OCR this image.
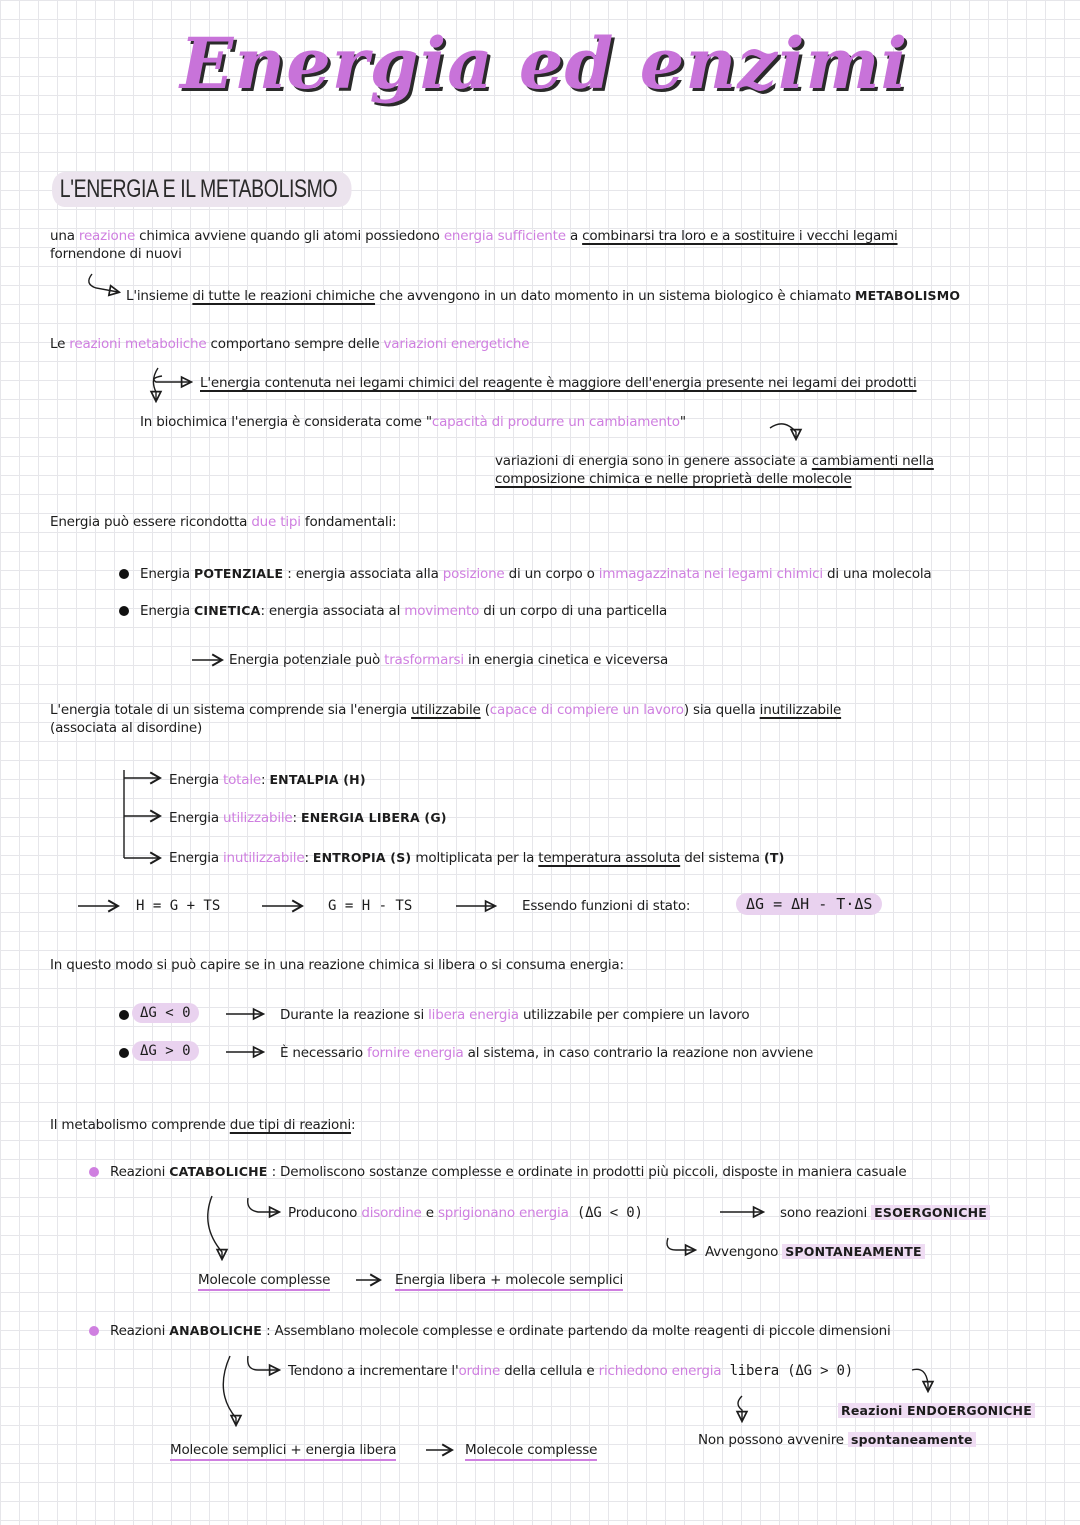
Energia ed enzimi
L'ENERGIA E IL METABOLISMO
una reazione chimica avviene quando gli atomi possiedono energia sufficiente a combinarsi tra loro e a sostituire i vecchi legami
fornendone di nuovi
L'insieme di tutte le reazioni chimiche che avvengono in un dato momento in un sistema biologico è chiamato METABOLISMO
Le reazioni metaboliche comportano sempre delle variazioni energetiche
L'energia contenuta nei legami chimici del reagente è maggiore dell'energia presente nei legami dei prodotti
In biochimica l'energia è considerata come "capacità di produrre un cambiamento"
variazioni di energia sono in genere associate a cambiamenti nella
composizione chimica e nelle proprietà delle molecole
Energia può essere ricondotta due tipi fondamentali:
Energia POTENZIALE : energia associata alla posizione di un corpo o immagazzinata nei legami chimici di una molecola
Energia CINETICA: energia associata al movimento di un corpo di una particella
Energia potenziale può trasformarsi in energia cinetica e viceversa
L'energia totale di un sistema comprende sia l'energia utilizzabile (capace di compiere un lavoro) sia quella inutilizzabile
(associata al disordine)
Energia totale: ENTALPIA (H)
Energia utilizzabile: ENERGIA LIBERA (G)
Energia inutilizzabile: ENTROPIA (S) moltiplicata per la temperatura assoluta del sistema (T)
H = G + TS	G = H - TS	Essendo funzioni di stato:	ΔG = ΔH - T·ΔS
In questo modo si può capire se in una reazione chimica si libera o si consuma energia:
ΔG < 0	Durante la reazione si libera energia utilizzabile per compiere un lavoro
ΔG > 0	È necessario fornire energia al sistema, in caso contrario la reazione non avviene
Il metabolismo comprende due tipi di reazioni:
Reazioni CATABOLICHE : Demoliscono sostanze complesse e ordinate in prodotti più piccoli, disposte in maniera casuale
Producono disordine e sprigionano energia (ΔG < 0)	sono reazioni ESOERGONICHE
Avvengono SPONTANEAMENTE
Molecole complesse	Energia libera + molecole semplici
Reazioni ANABOLICHE : Assemblano molecole complesse e ordinate partendo da molte reagenti di piccole dimensioni
Tendono a incrementare l'ordine della cellula e richiedono energia libera (ΔG > 0)
Reazioni ENDOERGONICHE
Non possono avvenire spontaneamente
Molecole semplici + energia libera	Molecole complesse
